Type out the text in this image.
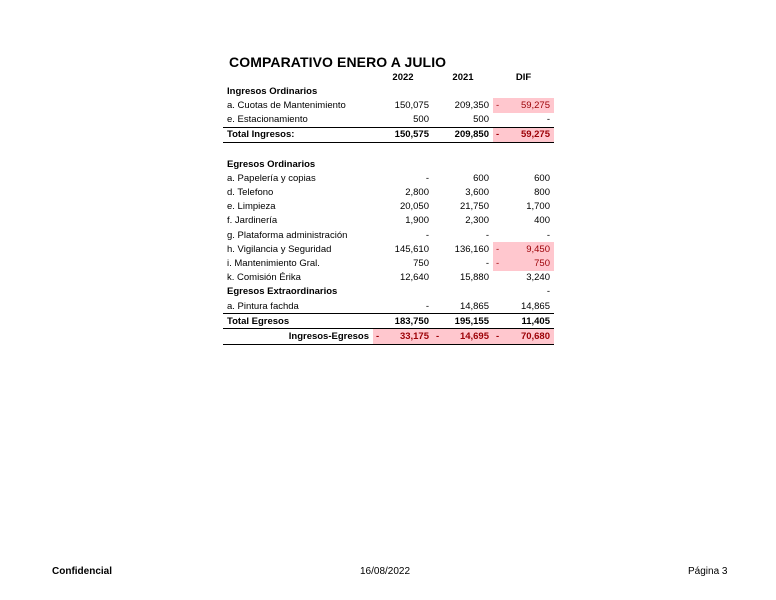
COMPARATIVO ENERO A JULIO
	2022	2021	DIF
Ingresos Ordinarios			
a. Cuotas de Mantenimiento	150,075	209,350	- 59,275
e. Estacionamiento	500	500	-
Total Ingresos:	150,575	209,850	- 59,275

Egresos Ordinarios			
a. Papelería y copias	-	600	600
d. Telefono	2,800	3,600	800
e. Limpieza	20,050	21,750	1,700
f. Jardinería	1,900	2,300	400
g. Plataforma administración	-	-	-
h. Vigilancia y Seguridad	145,610	136,160	- 9,450
i. Mantenimiento Gral.	750	-	- 750
k. Comisión Érika	12,640	15,880	3,240
Egresos Extraordinarios			-
a. Pintura fachda	-	14,865	14,865
Total Egresos	183,750	195,155	11,405
Ingresos-Egresos	- 33,175	- 14,695	- 70,680
Confidencial	16/08/2022	Página 3
